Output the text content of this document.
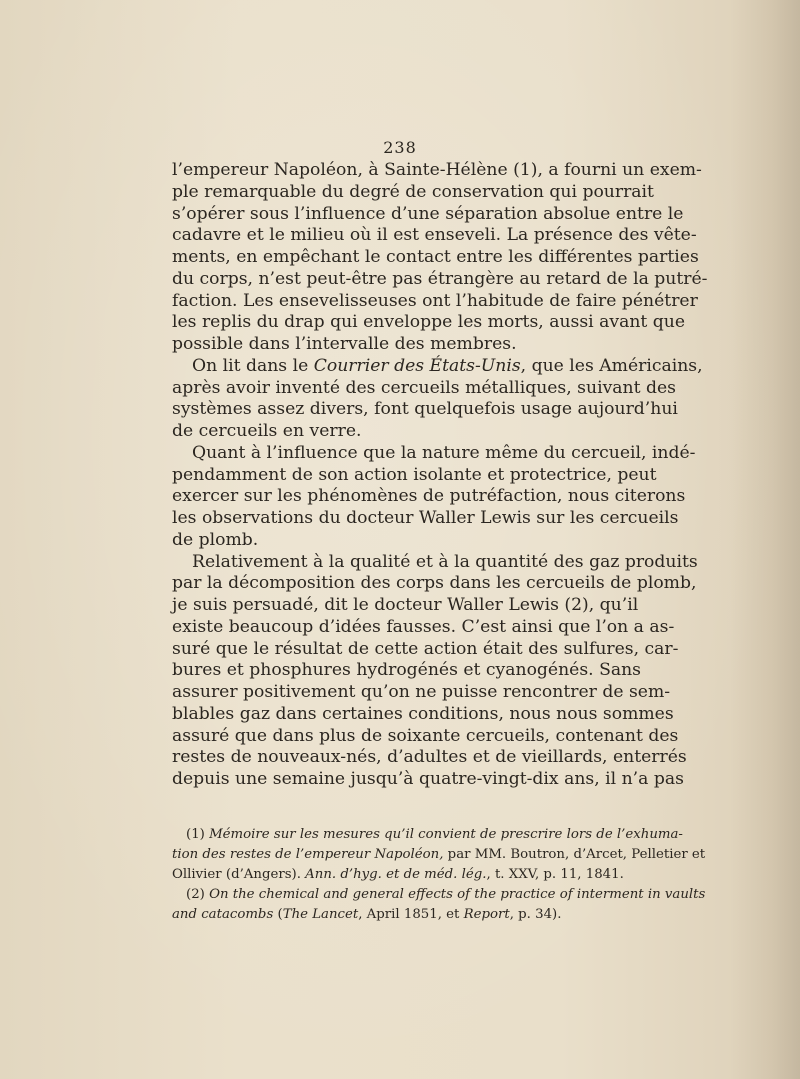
238
l’empereur Napoléon, à Sainte-Hélène (1), a fourni un exem-
ple remarquable du degré de conservation qui pourrait
s’opérer sous l’influence d’une séparation absolue entre le
cadavre et le milieu où il est enseveli. La présence des vête-
ments, en empêchant le contact entre les différentes parties
du corps, n’est peut-être pas étrangère au retard de la putré-
faction. Les ensevelisseuses ont l’habitude de faire pénétrer
les replis du drap qui enveloppe les morts, aussi avant que
possible dans l’intervalle des membres.
On lit dans le Courrier des États-Unis, que les Américains,
après avoir inventé des cercueils métalliques, suivant des
systèmes assez divers, font quelquefois usage aujourd’hui
de cercueils en verre.
Quant à l’influence que la nature même du cercueil, indé-
pendamment de son action isolante et protectrice, peut
exercer sur les phénomènes de putréfaction, nous citerons
les observations du docteur Waller Lewis sur les cercueils
de plomb.
Relativement à la qualité et à la quantité des gaz produits
par la décomposition des corps dans les cercueils de plomb,
je suis persuadé, dit le docteur Waller Lewis (2), qu’il
existe beaucoup d’idées fausses. C’est ainsi que l’on a as-
suré que le résultat de cette action était des sulfures, car-
bures et phosphures hydrogénés et cyanogénés. Sans
assurer positivement qu’on ne puisse rencontrer de sem-
blables gaz dans certaines conditions, nous nous sommes
assuré que dans plus de soixante cercueils, contenant des
restes de nouveaux-nés, d’adultes et de vieillards, enterrés
depuis une semaine jusqu’à quatre-vingt-dix ans, il n’a pas
(1) Mémoire sur les mesures qu’il convient de prescrire lors de l’exhuma-
tion des restes de l’empereur Napoléon, par MM. Boutron, d’Arcet, Pelletier et
Ollivier (d’Angers). Ann. d’hyg. et de méd. lég., t. XXV, p. 11, 1841.
(2) On the chemical and general effects of the practice of interment in vaults
and catacombs (The Lancet, April 1851, et Report, p. 34).
